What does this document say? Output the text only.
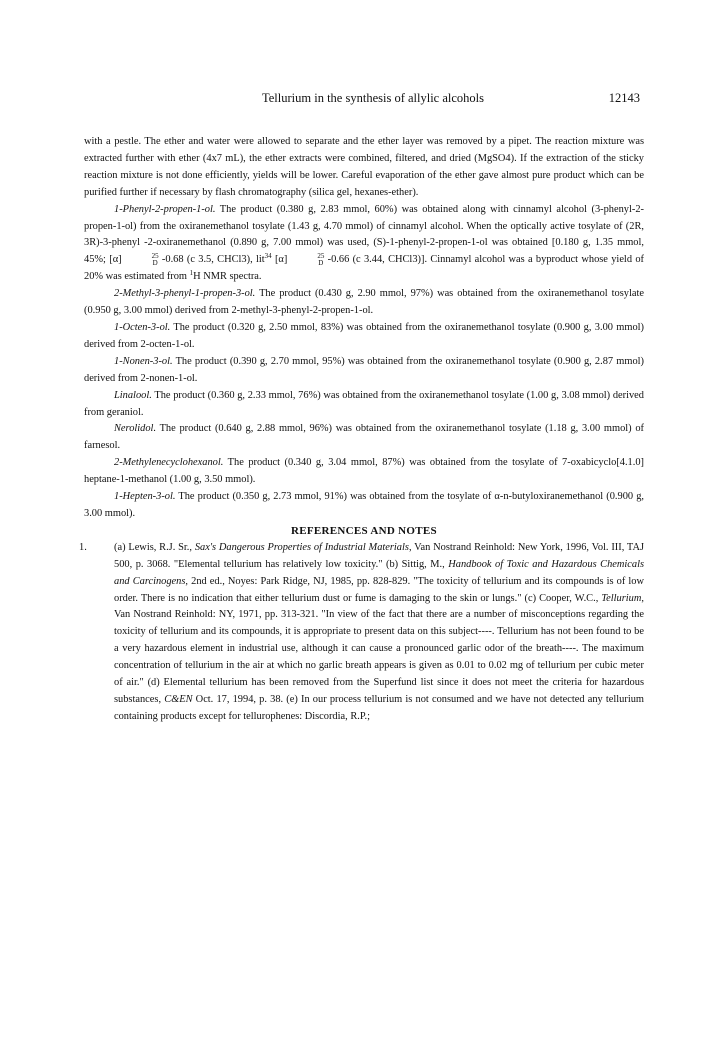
Tellurium in the synthesis of allylic alcohols	12143

with a pestle. The ether and water were allowed to separate and the ether layer was removed by a pipet. The reaction mixture was extracted further with ether (4x7 mL), the ether extracts were combined, filtered, and dried (MgSO4). If the extraction of the sticky reaction mixture is not done efficiently, yields will be lower. Careful evaporation of the ether gave almost pure product which can be purified further if necessary by flash chromatography (silica gel, hexanes-ether).

1-Phenyl-2-propen-1-ol. The product (0.380 g, 2.83 mmol, 60%) was obtained along with cinnamyl alcohol (3-phenyl-2-propen-1-ol) from the oxiranemethanol tosylate (1.43 g, 4.70 mmol) of cinnamyl alcohol. When the optically active tosylate of (2R, 3R)-3-phenyl -2-oxiranemethanol (0.890 g, 7.00 mmol) was used, (S)-1-phenyl-2-propen-1-ol was obtained [0.180 g, 1.35 mmol, 45%; [α]	25
D -0.68 (c 3.5, CHCl3), lit$^{34}$ [α]	25
D -0.66 (c 3.44, CHCl3)]. Cinnamyl alcohol was a byproduct whose yield of 20% was estimated from $^1$H NMR spectra.

2-Methyl-3-phenyl-1-propen-3-ol. The product (0.430 g, 2.90 mmol, 97%) was obtained from the oxiranemethanol tosylate (0.950 g, 3.00 mmol) derived from 2-methyl-3-phenyl-2-propen-1-ol.

1-Octen-3-ol. The product (0.320 g, 2.50 mmol, 83%) was obtained from the oxiranemethanol tosylate (0.900 g, 3.00 mmol) derived from 2-octen-1-ol.

1-Nonen-3-ol. The product (0.390 g, 2.70 mmol, 95%) was obtained from the oxiranemethanol tosylate (0.900 g, 2.87 mmol) derived from 2-nonen-1-ol.

Linalool. The product (0.360 g, 2.33 mmol, 76%) was obtained from the oxiranemethanol tosylate (1.00 g, 3.08 mmol) derived from geraniol.

Nerolidol. The product (0.640 g, 2.88 mmol, 96%) was obtained from the oxiranemethanol tosylate (1.18 g, 3.00 mmol) of farnesol.

2-Methylenecyclohexanol. The product (0.340 g, 3.04 mmol, 87%) was obtained from the tosylate of 7-oxabicyclo[4.1.0] heptane-1-methanol (1.00 g, 3.50 mmol).

1-Hepten-3-ol. The product (0.350 g, 2.73 mmol, 91%) was obtained from the tosylate of α-n-butyloxiranemethanol (0.900 g, 3.00 mmol).

REFERENCES AND NOTES

1.	(a) Lewis, R.J. Sr., Sax's Dangerous Properties of Industrial Materials, Van Nostrand Reinhold: New York, 1996, Vol. III, TAJ 500, p. 3068. "Elemental tellurium has relatively low toxicity." (b) Sittig, M., Handbook of Toxic and Hazardous Chemicals and Carcinogens, 2nd ed., Noyes: Park Ridge, NJ, 1985, pp. 828-829. "The toxicity of tellurium and its compounds is of low order. There is no indication that either tellurium dust or fume is damaging to the skin or lungs." (c) Cooper, W.C., Tellurium, Van Nostrand Reinhold: NY, 1971, pp. 313-321. "In view of the fact that there are a number of misconceptions regarding the toxicity of tellurium and its compounds, it is appropriate to present data on this subject----. Tellurium has not been found to be a very hazardous element in industrial use, although it can cause a pronounced garlic odor of the breath----. The maximum concentration of tellurium in the air at which no garlic breath appears is given as 0.01 to 0.02 mg of tellurium per cubic meter of air." (d) Elemental tellurium has been removed from the Superfund list since it does not meet the criteria for hazardous substances, C&EN Oct. 17, 1994, p. 38. (e) In our process tellurium is not consumed and we have not detected any tellurium containing products except for tellurophenes: Discordia, R.P.;
